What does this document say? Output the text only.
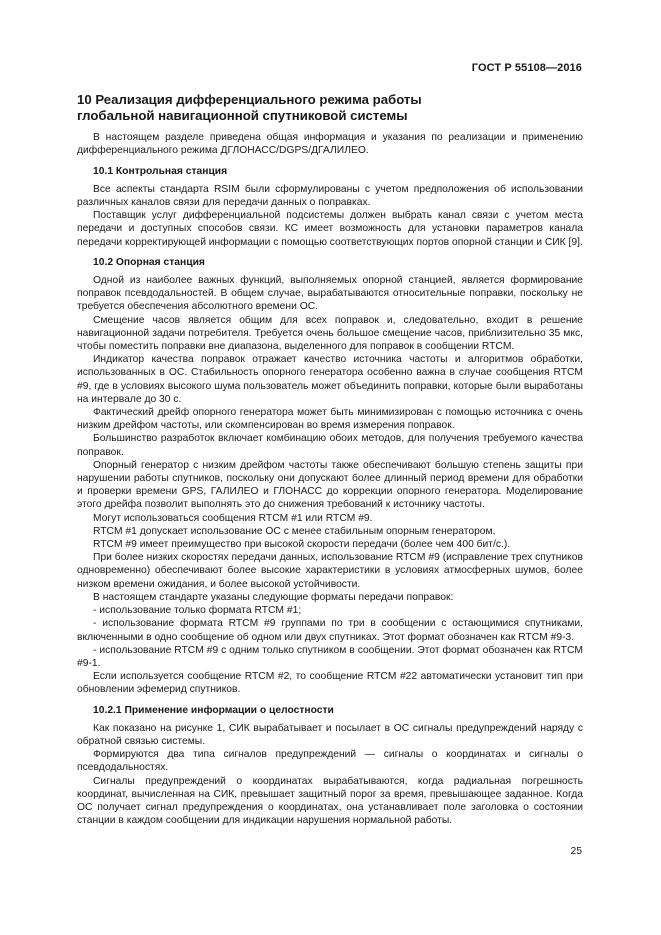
ГОСТ Р 55108—2016
10 Реализация дифференциального режима работы
глобальной навигационной спутниковой системы

В настоящем разделе приведена общая информация и указания по реализации и применению дифференциального режима ДГЛОНАСС/DGPS/ДГАЛИЛЕО.

10.1 Контрольная станция

Все аспекты стандарта RSIM были сформулированы с учетом предположения об использовании различных каналов связи для передачи данных о поправках.

Поставщик услуг дифференциальной подсистемы должен выбрать канал связи с учетом места передачи и доступных способов связи. КС имеет возможность для установки параметров канала передачи корректирующей информации с помощью соответствующих портов опорной станции и СИК [9].

10.2 Опорная станция

Одной из наиболее важных функций, выполняемых опорной станцией, является формирование поправок псевдодальностей. В общем случае, вырабатываются относительные поправки, поскольку не требуется обеспечения абсолютного времени ОС.

Смещение часов является общим для всех поправок и, следовательно, входит в решение навигационной задачи потребителя. Требуется очень большое смещение часов, приблизительно 35 мкс, чтобы поместить поправки вне диапазона, выделенного для поправок в сообщении RTCM.

Индикатор качества поправок отражает качество источника частоты и алгоритмов обработки, использованных в ОС. Стабильность опорного генератора особенно важна в случае сообщения RTCM #9, где в условиях высокого шума пользователь может объединить поправки, которые были выработаны на интервале до 30 с.

Фактический дрейф опорного генератора может быть минимизирован с помощью источника с очень низким дрейфом частоты, или скомпенсирован во время измерения поправок.

Большинство разработок включает комбинацию обоих методов, для получения требуемого качества поправок.

Опорный генератор с низким дрейфом частоты также обеспечивают большую степень защиты при нарушении работы спутников, поскольку они допускают более длинный период времени для обработки и проверки времени GPS, ГАЛИЛЕО и ГЛОНАСС до коррекции опорного генератора. Моделирование этого дрейфа позволит выполнять это до снижения требований к источнику частоты.

Могут использоваться сообщения RTCM #1 или RTCM #9.

RTCM #1 допускает использование ОС с менее стабильным опорным генератором.

RTCM #9 имеет преимущество при высокой скорости передачи (более чем 400 бит/с.).

При более низких скоростях передачи данных, использование RTCM #9 (исправление трех спутников одновременно) обеспечивают более высокие характеристики в условиях атмосферных шумов, более низком времени ожидания, и более высокой устойчивости.

В настоящем стандарте указаны следующие форматы передачи поправок:

- использование только формата RTCM #1;

- использование формата RTCM #9 группами по три в сообщении с остающимися спутниками, включенными в одно сообщение об одном или двух спутниках. Этот формат обозначен как RTCM #9-3.

- использование RTCM #9 с одним только спутником в сообщении. Этот формат обозначен как RTCM #9-1.

Если используется сообщение RTCM #2, то сообщение RTCM #22 автоматически установит тип при обновлении эфемерид спутников.

10.2.1 Применение информации о целостности

Как показано на рисунке 1, СИК вырабатывает и посылает в ОС сигналы предупреждений наряду с обратной связью системы.

Формируются два типа сигналов предупреждений — сигналы о координатах и сигналы о псевдодальностях.

Сигналы предупреждений о координатах вырабатываются, когда радиальная погрешность координат, вычисленная на СИК, превышает защитный порог за время, превышающее заданное. Когда ОС получает сигнал предупреждения о координатах, она устанавливает поле заголовка о состоянии станции в каждом сообщении для индикации нарушения нормальной работы.

25
